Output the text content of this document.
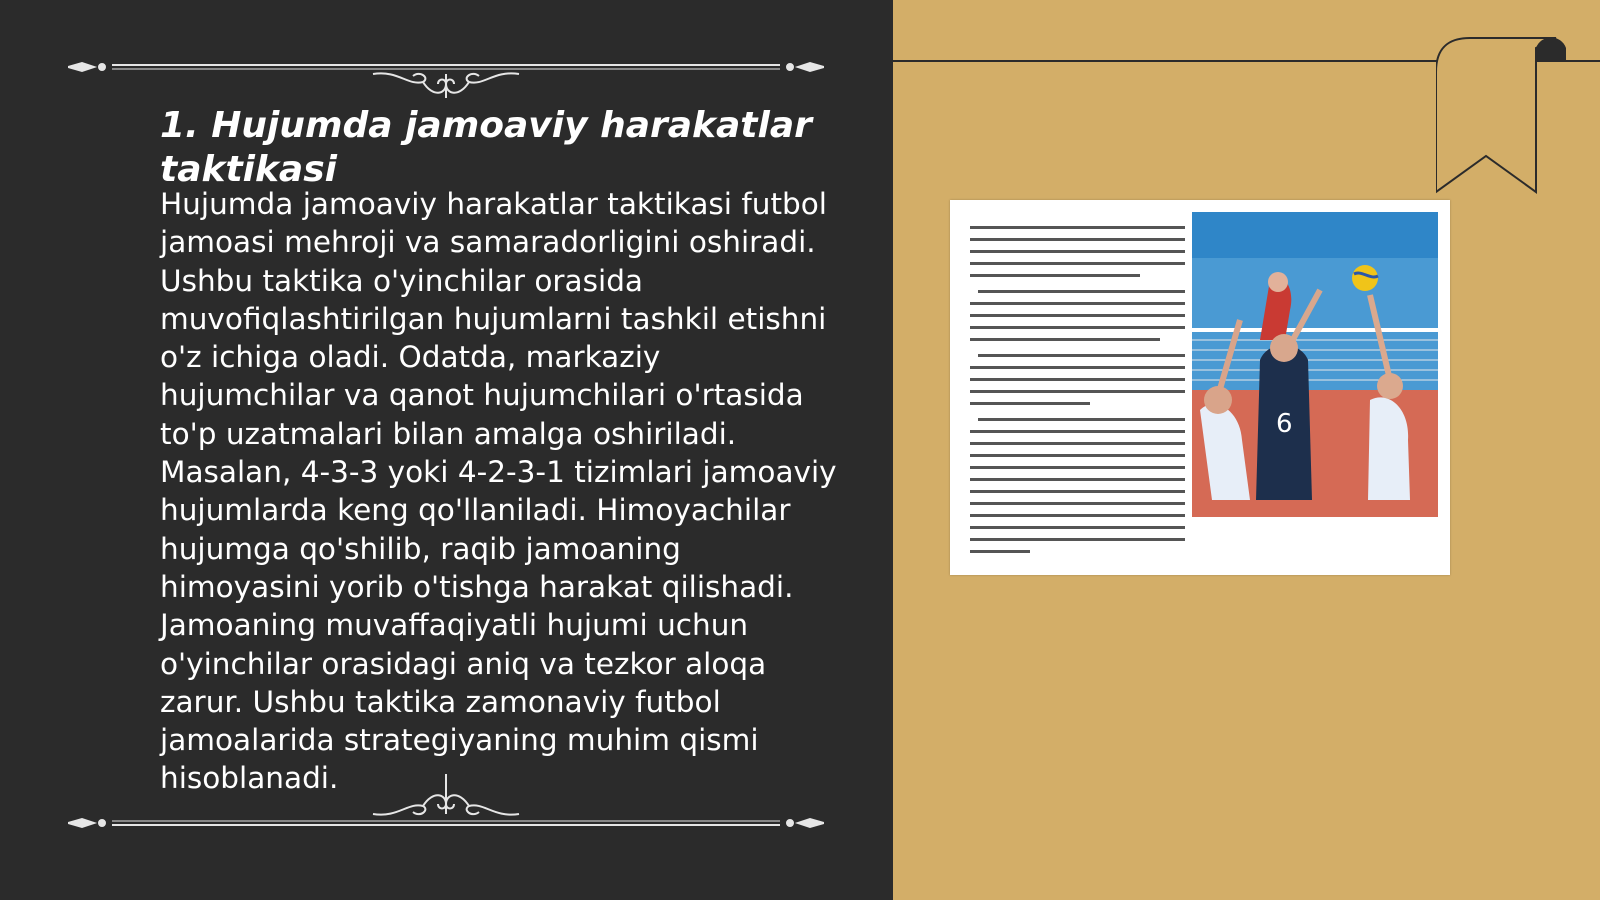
1. Hujumda jamoaviy harakatlar taktikasi

Hujumda jamoaviy harakatlar taktikasi futbol jamoasi mehroji va samaradorligini oshiradi. Ushbu taktika o'yinchilar orasida muvofiqlashtirilgan hujumlarni tashkil etishni o'z ichiga oladi. Odatda, markaziy hujumchilar va qanot hujumchilari o'rtasida to'p uzatmalari bilan amalga oshiriladi. Masalan, 4-3-3 yoki 4-2-3-1 tizimlari jamoaviy hujumlarda keng qo'llaniladi. Himoyachilar hujumga qo'shilib, raqib jamoaning himoyasini yorib o'tishga harakat qilishadi. Jamoaning muvaffaqiyatli hujumi uchun o'yinchilar orasidagi aniq va tezkor aloqa zarur. Ushbu taktika zamonaviy futbol jamoalarida strategiyaning muhim qismi hisoblanadi.

6
